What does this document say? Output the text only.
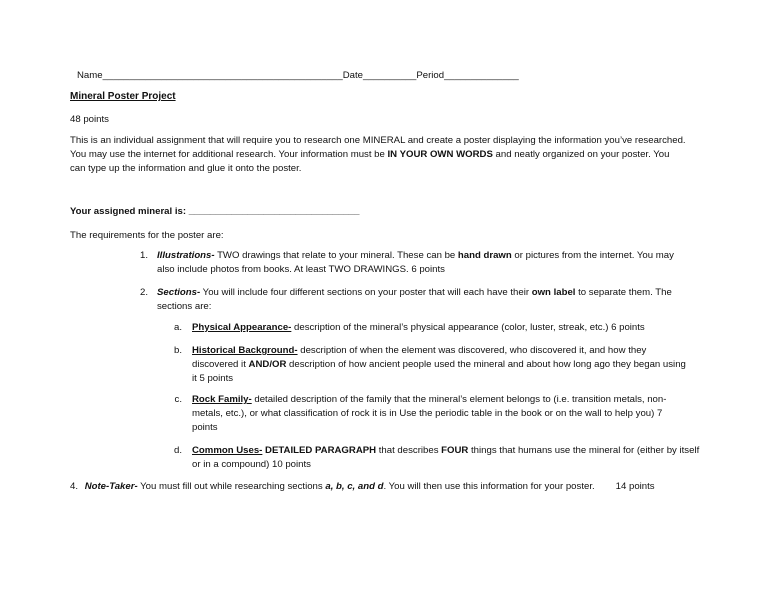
Name_____________________________________________Date__________Period______________
Mineral Poster Project
48 points
This is an individual assignment that will require you to research one MINERAL and create a poster displaying the information you’ve researched.
You may use the internet for additional research. Your information must be IN YOUR OWN WORDS and neatly organized on your poster. You
can type up the information and glue it onto the poster.
Your assigned mineral is: ________________________________
The requirements for the poster are:
1. Illustrations- TWO drawings that relate to your mineral. These can be hand drawn or pictures from the internet. You may

also include photos from books. At least TWO DRAWINGS. 6 points

2. Sections- You will include four different sections on your poster that will each have their own label to separate them. The

sections are:

a. Physical Appearance- description of the mineral’s physical appearance (color, luster, streak, etc.) 6 points

b. Historical Background- description of when the element was discovered, who discovered it, and how they

discovered it AND/OR description of how ancient people used the mineral and about how long ago they began using

it 5 points

c. Rock Family- detailed description of the family that the mineral’s element belongs to (i.e. transition metals, non-

metals, etc.), or what classification of rock it is in Use the periodic table in the book or on the wall to help you) 7

points

d. Common Uses- DETAILED PARAGRAPH that describes FOUR things that humans use the mineral for (either by itself

or in a compound) 10 points

4. Note-Taker- You must fill out while researching sections a, b, c, and d. You will then use this information for your poster. 14 points
